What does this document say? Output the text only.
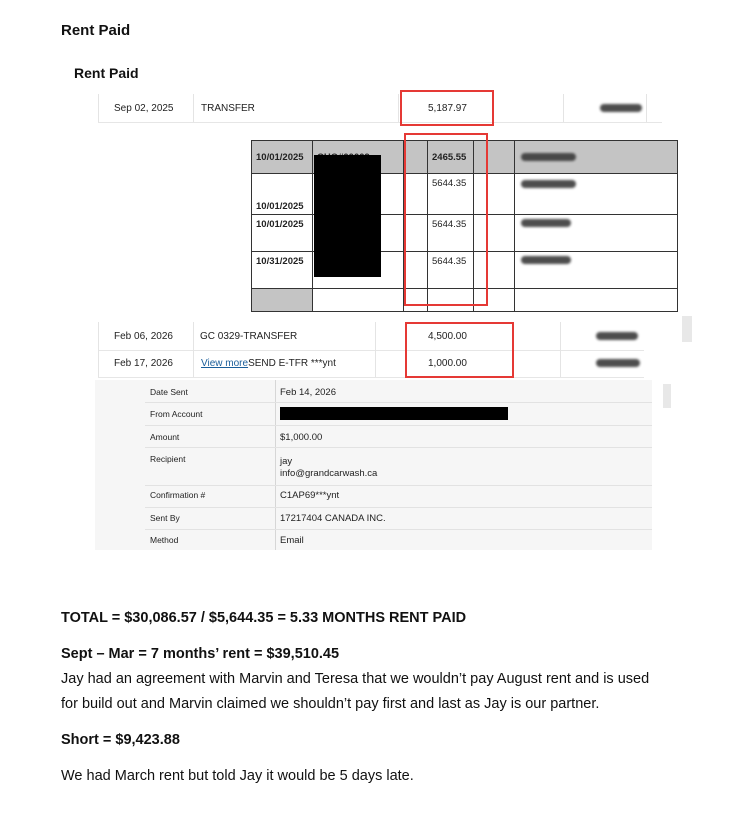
Rent Paid
Rent Paid
Sep 02, 2025	TRANSFER	5,187.97
10/01/2025			2465.55		

10/01/2025			5644.35		

10/01/2025			5644.35		

10/31/2025			5644.35		

Feb 06, 2026	GC 0329-TRANSFER	4,500.00
Feb 17, 2026	View more SEND E-TFR ***ynt	1,000.00
Date Sent	Feb 14, 2026
From Account
Amount	$1,000.00
Recipient	jay
info@grandcarwash.ca
Confirmation #	C1AP69***ynt
Sent By	17217404 CANADA INC.
Method	Email
TOTAL = $30,086.57 / $5,644.35 = 5.33 MONTHS RENT PAID
Sept – Mar = 7 months’ rent = $39,510.45
Jay had an agreement with Marvin and Teresa that we wouldn’t pay August rent and is used
for build out and Marvin claimed we shouldn’t pay first and last as Jay is our partner.
Short = $9,423.88
We had March rent but told Jay it would be 5 days late.
